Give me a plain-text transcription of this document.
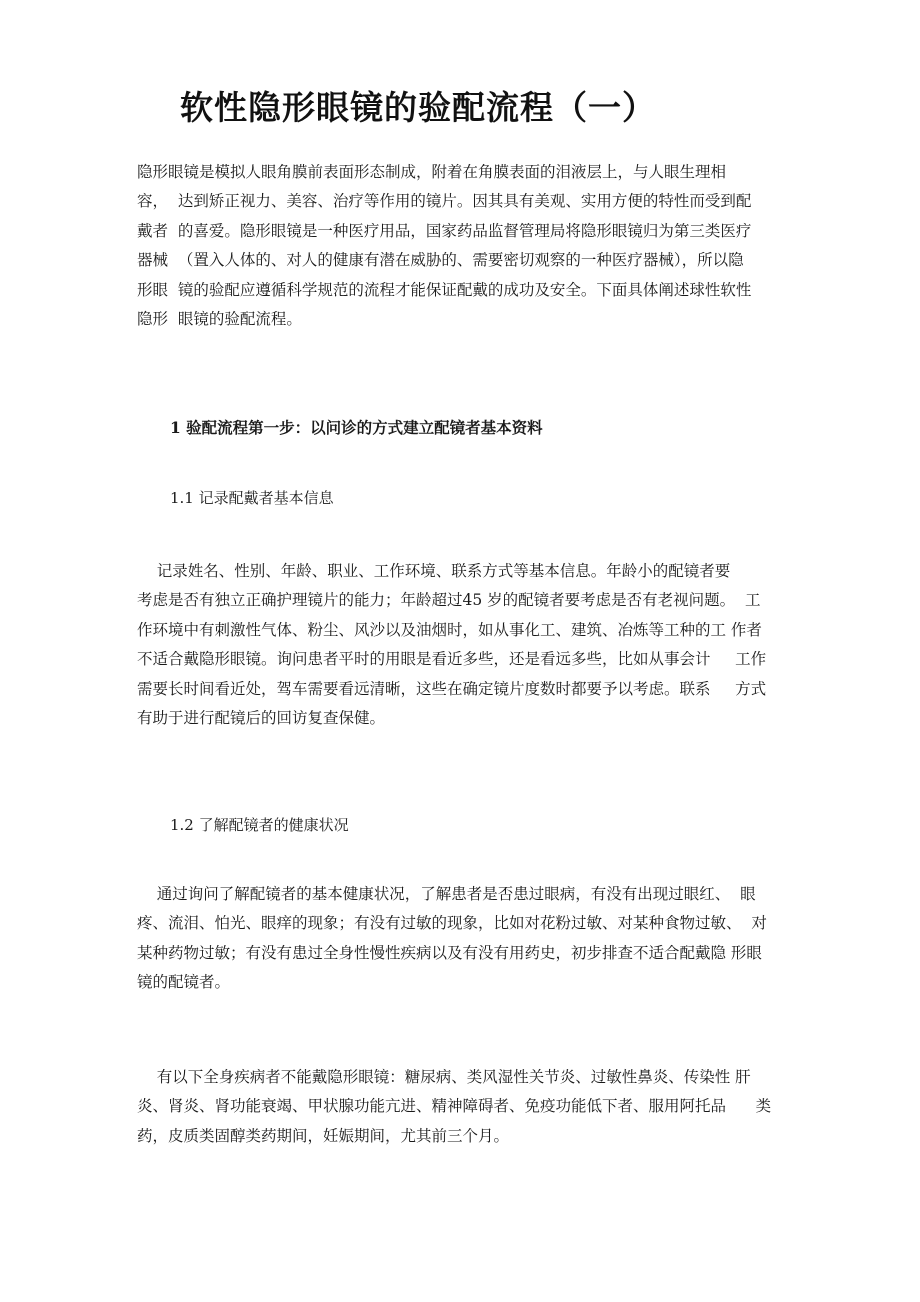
软性隐形眼镜的验配流程（一）
隐形眼镜是模拟人眼角膜前表面形态制成，附着在角膜表面的泪液层上，与人眼生理相
容，  达到矫正视力、美容、治疗等作用的镜片。因其具有美观、实用方便的特性而受到配
戴者  的喜爱。隐形眼镜是一种医疗用品，国家药品监督管理局将隐形眼镜归为第三类医疗
器械  （置入人体的、对人的健康有潜在威胁的、需要密切观察的一种医疗器械），所以隐
形眼  镜的验配应遵循科学规范的流程才能保证配戴的成功及安全。下面具体阐述球性软性
隐形  眼镜的验配流程。
1 验配流程第一步：以问诊的方式建立配镜者基本资料
1.1 记录配戴者基本信息
记录姓名、性别、年龄、职业、工作环境、联系方式等基本信息。年龄小的配镜者要
考虑是否有独立正确护理镜片的能力；年龄超过45 岁的配镜者要考虑是否有老视问题。  工
作环境中有刺激性气体、粉尘、风沙以及油烟时，如从事化工、建筑、冶炼等工种的工 作者
不适合戴隐形眼镜。询问患者平时的用眼是看近多些，还是看远多些，比如从事会计     工作
需要长时间看近处，驾车需要看远清晰，这些在确定镜片度数时都要予以考虑。联系     方式
有助于进行配镜后的回访复查保健。
1.2 了解配镜者的健康状况
通过询问了解配镜者的基本健康状况，了解患者是否患过眼病，有没有出现过眼红、  眼
疼、流泪、怕光、眼痒的现象；有没有过敏的现象，比如对花粉过敏、对某种食物过敏、  对
某种药物过敏；有没有患过全身性慢性疾病以及有没有用药史，初步排查不适合配戴隐 形眼
镜的配镜者。
有以下全身疾病者不能戴隐形眼镜：糖尿病、类风湿性关节炎、过敏性鼻炎、传染性 肝
炎、肾炎、肾功能衰竭、甲状腺功能亢进、精神障碍者、免疫功能低下者、服用阿托品      类
药，皮质类固醇类药期间，妊娠期间，尤其前三个月。
